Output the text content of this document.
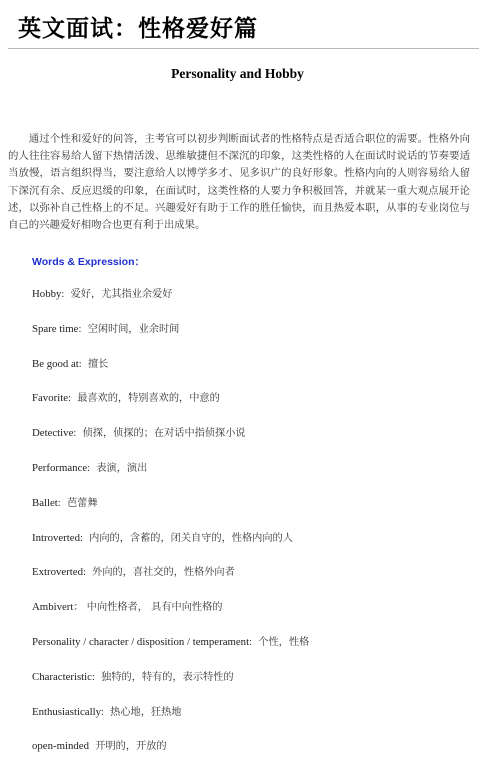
英文面试：性格爱好篇
Personality and Hobby

通过个性和爱好的问答，主考官可以初步判断面试者的性格特点是否适合职位的需要。性格外向的人往往容易给人留下热情活泼、思维敏捷但不深沉的印象，这类性格的人在面试时说话的节奏要适当放慢，语言组织得当，要注意给人以博学多才、见多识广的良好形象。性格内向的人则容易给人留下深沉有余、反应迟缓的印象，在面试时，这类性格的人要力争积极回答，并就某一重大观点展开论述，以弥补自己性格上的不足。兴趣爱好有助于工作的胜任愉快，而且热爱本职，从事的专业岗位与自己的兴趣爱好相吻合也更有利于出成果。

Words & Expression：
Hobby: 爱好，尤其指业余爱好
Spare time: 空闲时间，业余时间
Be good at: 擅长
Favorite: 最喜欢的，特别喜欢的，中意的
Detective: 侦探，侦探的；在对话中指侦探小说
Performance: 表演，演出
Ballet: 芭蕾舞
Introverted: 内向的，含蓄的，闭关自守的，性格内向的人
Extroverted: 外向的，喜社交的，性格外向者
Ambivert： 中向性格者， 具有中向性格的
Personality / character / disposition / temperament: 个性，性格
Characteristic: 独特的，特有的，表示特性的
Enthusiastically: 热心地，狂热地
open-minded 开明的，开放的
